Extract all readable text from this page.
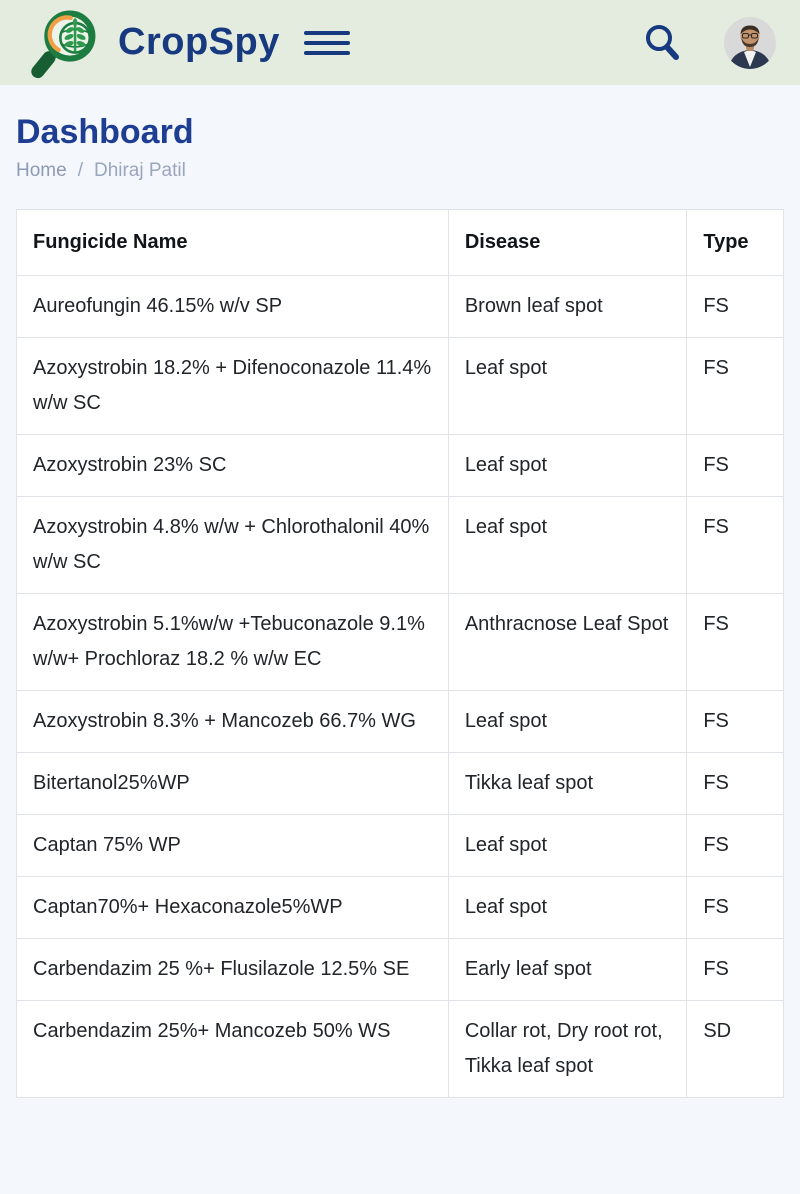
CropSpy
Dashboard
Home / Dhiraj Patil
Fungicide Name	Disease	Type
Aureofungin 46.15% w/v SP	Brown leaf spot	FS
Azoxystrobin 18.2% + Difenoconazole 11.4% w/w SC	Leaf spot	FS
Azoxystrobin 23% SC	Leaf spot	FS
Azoxystrobin 4.8% w/w + Chlorothalonil 40% w/w SC	Leaf spot	FS
Azoxystrobin 5.1%w/w +Tebuconazole 9.1% w/w+ Prochloraz 18.2 % w/w EC	Anthracnose Leaf Spot	FS
Azoxystrobin 8.3% + Mancozeb 66.7% WG	Leaf spot	FS
Bitertanol25%WP	Tikka leaf spot	FS
Captan 75% WP	Leaf spot	FS
Captan70%+ Hexaconazole5%WP	Leaf spot	FS
Carbendazim 25 %+ Flusilazole 12.5% SE	Early leaf spot	FS
Carbendazim 25%+ Mancozeb 50% WS	Collar rot, Dry root rot, Tikka leaf spot	SD
